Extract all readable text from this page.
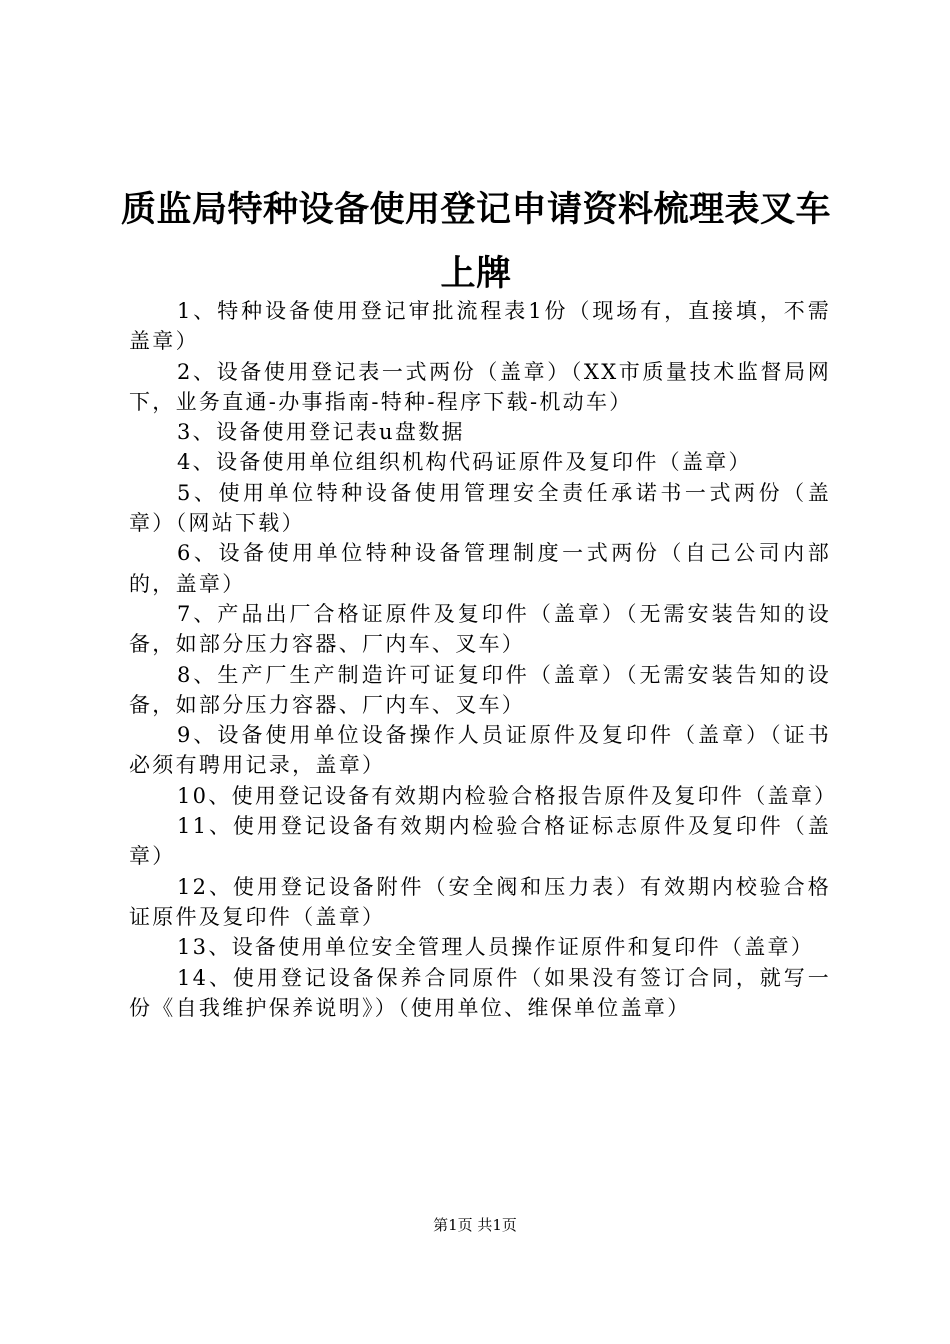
质监局特种设备使用登记申请资料梳理表叉车上牌

1、特种设备使用登记审批流程表1份（现场有，直接填，不需盖章）

2、设备使用登记表一式两份（盖章）（XX市质量技术监督局网下，业务直通-办事指南-特种-程序下载-机动车）

3、设备使用登记表u盘数据

4、设备使用单位组织机构代码证原件及复印件（盖章）

5、使用单位特种设备使用管理安全责任承诺书一式两份（盖章）（网站下载）

6、设备使用单位特种设备管理制度一式两份（自己公司内部的，盖章）

7、产品出厂合格证原件及复印件（盖章）（无需安装告知的设备，如部分压力容器、厂内车、叉车）

8、生产厂生产制造许可证复印件（盖章）（无需安装告知的设备，如部分压力容器、厂内车、叉车）

9、设备使用单位设备操作人员证原件及复印件（盖章）（证书必须有聘用记录，盖章）

10、使用登记设备有效期内检验合格报告原件及复印件（盖章）

11、使用登记设备有效期内检验合格证标志原件及复印件（盖章）

12、使用登记设备附件（安全阀和压力表）有效期内校验合格证原件及复印件（盖章）

13、设备使用单位安全管理人员操作证原件和复印件（盖章）

14、使用登记设备保养合同原件（如果没有签订合同，就写一份《自我维护保养说明》）（使用单位、维保单位盖章）

第1页 共1页
